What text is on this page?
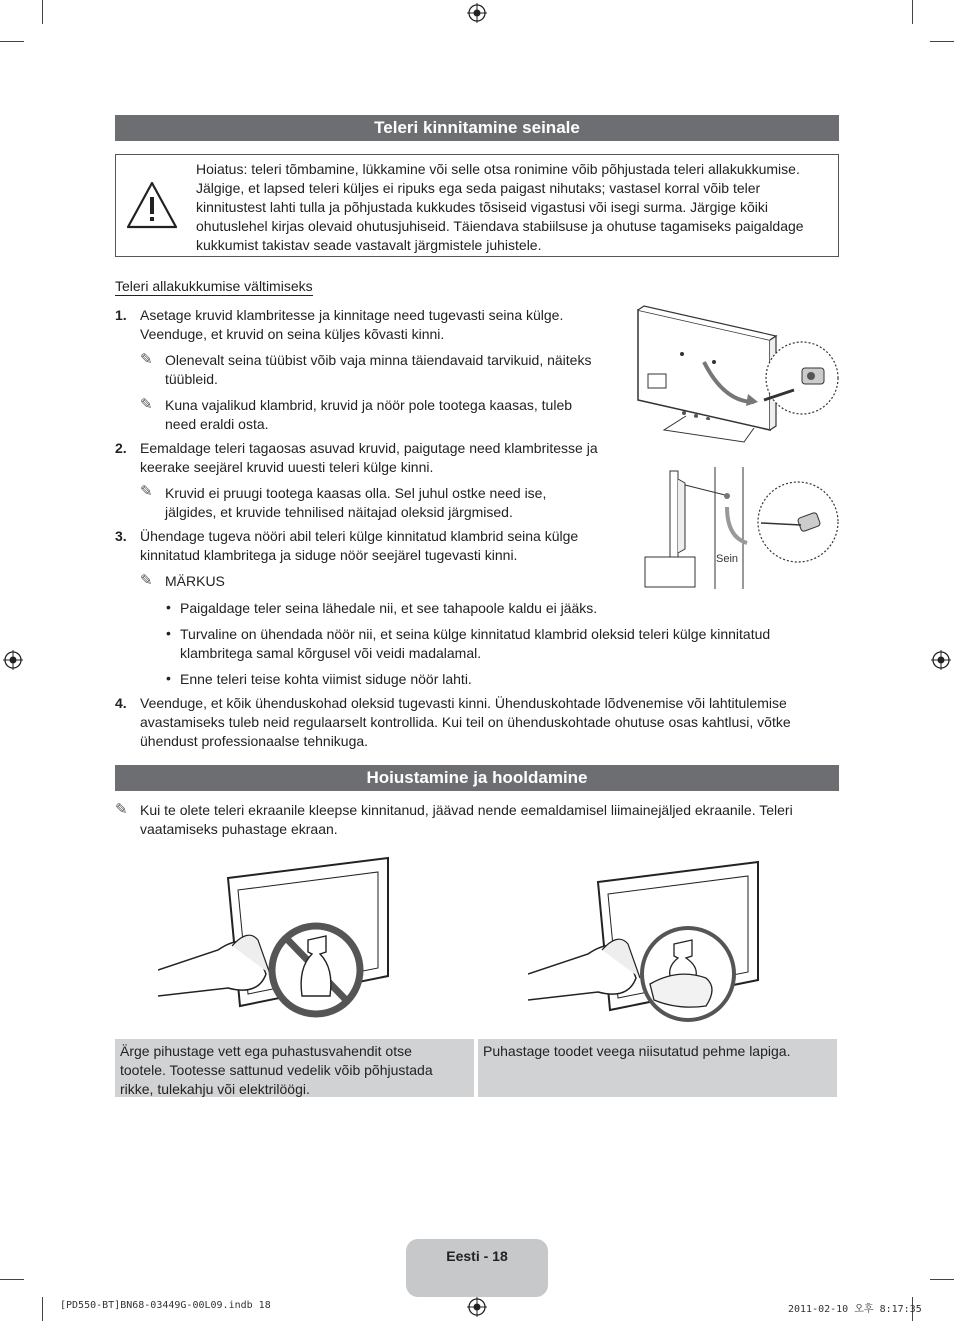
Teleri kinnitamine seinale
Hoiatus: teleri tõmbamine, lükkamine või selle otsa ronimine võib põhjustada teleri allakukkumise. Jälgige, et lapsed teleri küljes ei ripuks ega seda paigast nihutaks; vastasel korral võib teler kinnitustest lahti tulla ja põhjustada kukkudes tõsiseid vigastusi või isegi surma. Järgige kõiki ohutuslehel kirjas olevaid ohutusjuhiseid. Täiendava stabiilsuse ja ohutuse tagamiseks paigaldage kukkumist takistav seade vastavalt järgmistele juhistele.
Teleri allakukkumise vältimiseks
1. Asetage kruvid klambritesse ja kinnitage need tugevasti seina külge.
Veenduge, et kruvid on seina küljes kõvasti kinni.
✎ Olenevalt seina tüübist võib vaja minna täiendavaid tarvikuid, näiteks
tüübleid.
✎ Kuna vajalikud klambrid, kruvid ja nöör pole tootega kaasas, tuleb
need eraldi osta.
2. Eemaldage teleri tagaosas asuvad kruvid, paigutage need klambritesse ja
keerake seejärel kruvid uuesti teleri külge kinni.
✎ Kruvid ei pruugi tootega kaasas olla. Sel juhul ostke need ise,
jälgides, et kruvide tehnilised näitajad oleksid järgmised.
3. Ühendage tugeva nööri abil teleri külge kinnitatud klambrid seina külge
kinnitatud klambritega ja siduge nöör seejärel tugevasti kinni.
✎ MÄRKUS
• Paigaldage teler seina lähedale nii, et see tahapoole kaldu ei jääks.
• Turvaline on ühendada nöör nii, et seina külge kinnitatud klambrid oleksid teleri külge kinnitatud
klambritega samal kõrgusel või veidi madalamal.
• Enne teleri teise kohta viimist siduge nöör lahti.
4. Veenduge, et kõik ühenduskohad oleksid tugevasti kinni. Ühenduskohtade lõdvenemise või lahtitulemise
avastamiseks tuleb neid regulaarselt kontrollida. Kui teil on ühenduskohtade ohutuse osas kahtlusi, võtke
ühendust professionaalse tehnikuga.
Sein
Hoiustamine ja hooldamine
✎ Kui te olete teleri ekraanile kleepse kinnitanud, jäävad nende eemaldamisel liimainejäljed ekraanile. Teleri
vaatamiseks puhastage ekraan.
Ärge pihustage vett ega puhastusvahendit otse
tootele. Tootesse sattunud vedelik võib põhjustada
rikke, tulekahju või elektrilöögi.
Puhastage toodet veega niisutatud pehme lapiga.
Eesti - 18
[PD550-BT]BN68-03449G-00L09.indb 18	2011-02-10 오후 8:17:35
